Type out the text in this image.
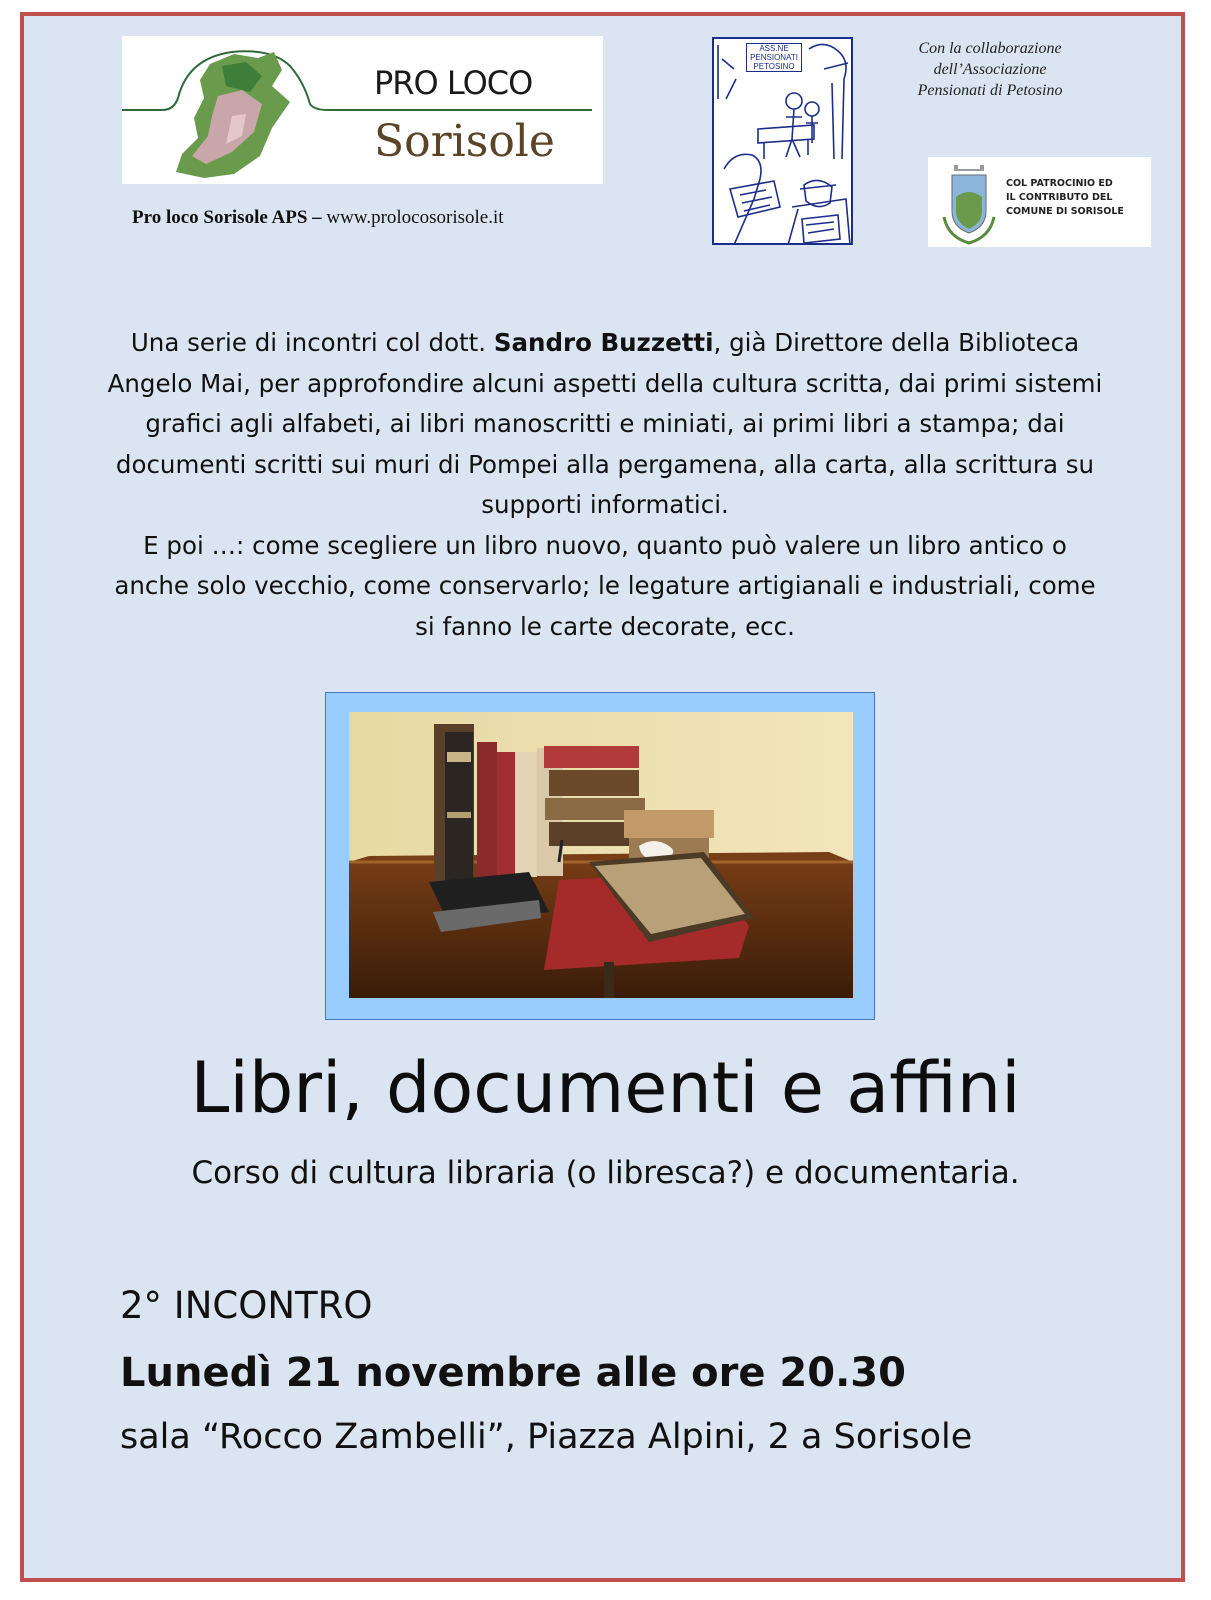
PRO LOCO
Sorisole
Pro loco Sorisole APS – www.prolocosorisole.it
ASS.NE PENSIONATI PETOSINO
Con la collaborazione
dell’Associazione
Pensionati di Petosino
COL PATROCINIO ED
IL CONTRIBUTO DEL
COMUNE DI SORISOLE

Una serie di incontri col dott. Sandro Buzzetti, già Direttore della Biblioteca Angelo Mai, per approfondire alcuni aspetti della cultura scritta, dai primi sistemi grafici agli alfabeti, ai libri manoscritti e miniati, ai primi libri a stampa; dai documenti scritti sui muri di Pompei alla pergamena, alla carta, alla scrittura su supporti informatici.

E poi …: come scegliere un libro nuovo, quanto può valere un libro antico o anche solo vecchio, come conservarlo; le legature artigianali e industriali, come si fanno le carte decorate, ecc.

Libri, documenti e affini
Corso di cultura libraria (o libresca?) e documentaria.
2° INCONTRO
Lunedì 21 novembre alle ore 20.30
sala “Rocco Zambelli”, Piazza Alpini, 2 a Sorisole
